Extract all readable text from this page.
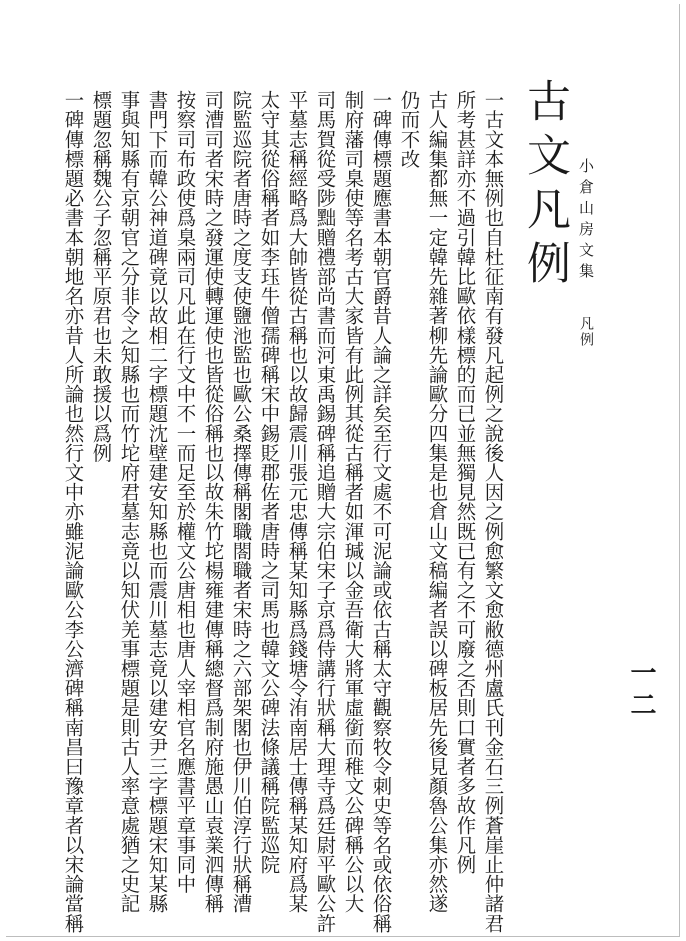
小倉山房文集
凡例
一二
古文凡例
一古文本無例也自杜征南有發凡起例之說後人因之例愈繁文愈敝德州盧氏刊金石三例蒼崖止仲諸君
所考甚詳亦不過引韓比歐依樣標的而已並無獨見然既已有之不可廢之否則口實者多故作凡例
古人編集都無一定韓先雜著柳先論歐分四集是也倉山文稿編者誤以碑板居先後見顏魯公集亦然遂
仍而不改
一碑傳標題應書本朝官爵昔人論之詳矣至行文處不可泥論或依古稱太守觀察牧令刺史等名或依俗稱
制府藩司臬使等名考古大家皆有此例其從古稱者如渾瑊以金吾衛大將軍虛銜而稚文公碑稱公以大
司馬賀從受陟黜贈禮部尚書而河東禹錫碑稱追贈大宗伯宋子京爲侍講行狀稱大理寺爲廷尉平歐公許
平墓志稱經略爲大帥皆從古稱也以故歸震川張元忠傳稱某知縣爲錢塘令洧南居士傳稱某知府爲某
太守其從俗稱者如李珏牛僧孺碑稱宋中錫貶郡佐者唐時之司馬也韓文公碑法條議稱院監巡院
院監巡院者唐時之度支使鹽池監也歐公桑擇傳稱閣職閤職者宋時之六部架閣也伊川伯淳行狀稱漕
司漕司者宋時之發運使轉運使也皆從俗稱也以故朱竹坨楊雍建傳稱總督爲制府施愚山袁業泗傳稱
按察司布政使爲臬兩司凡此在行文中不一而足至於權文公唐相也唐人宰相官名應書平章事同中
書門下而韓公神道碑竟以故相二字標題沈壁建安知縣也而震川墓志竟以建安尹三字標題宋知某縣
事與知縣有京朝官之分非令之知縣也而竹坨府君墓志竟以知伏羌事標題是則古人率意處猶之史記
標題忽稱魏公子忽稱平原君也未敢援以爲例
一碑傳標題必書本朝地名亦昔人所論也然行文中亦雖泥論歐公李公濟碑稱南昌曰豫章者以宋論當稱
